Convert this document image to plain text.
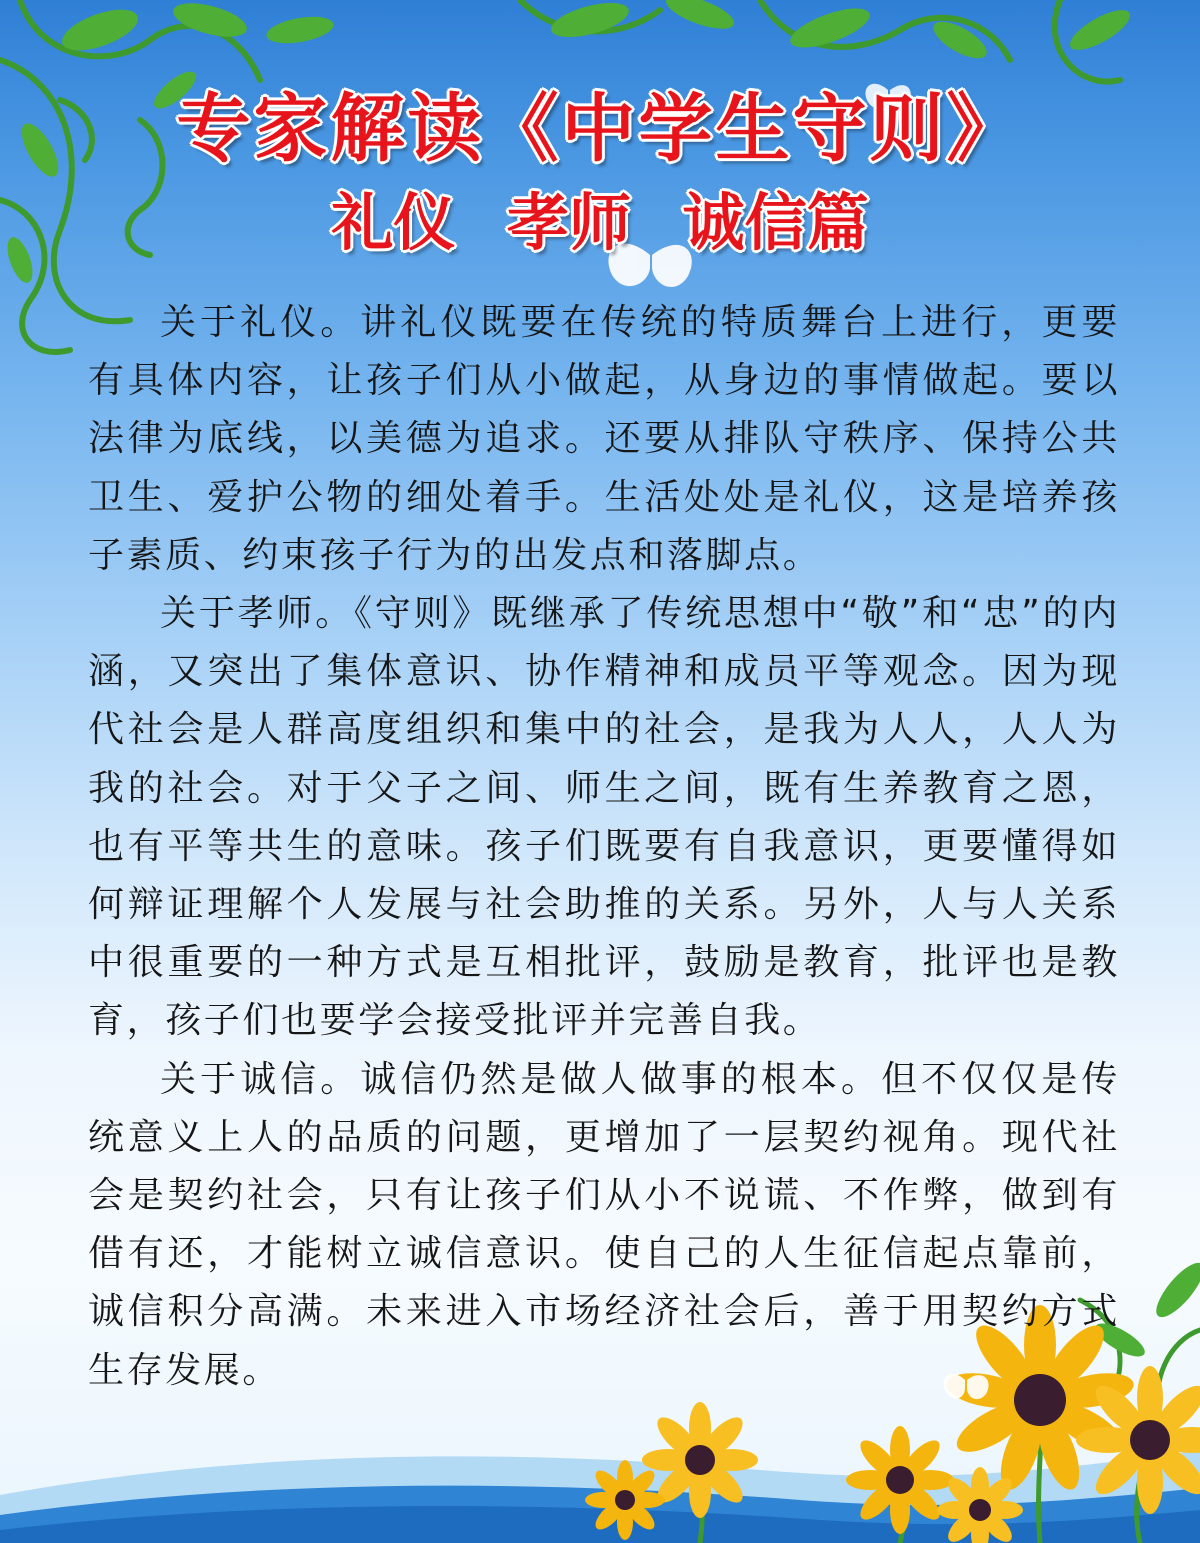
专家解读《中学生守则》
礼仪 孝师 诚信篇

关于礼仪。讲礼仪既要在传统的特质舞台上进行，更要有具体内容，让孩子们从小做起，从身边的事情做起。要以法律为底线，以美德为追求。还要从排队守秩序、保持公共卫生、爱护公物的细处着手。生活处处是礼仪，这是培养孩子素质、约束孩子行为的出发点和落脚点。

关于孝师。《守则》既继承了传统思想中“敬”和“忠”的内涵，又突出了集体意识、协作精神和成员平等观念。因为现代社会是人群高度组织和集中的社会，是我为人人，人人为我的社会。对于父子之间、师生之间，既有生养教育之恩，也有平等共生的意味。孩子们既要有自我意识，更要懂得如何辩证理解个人发展与社会助推的关系。另外，人与人关系中很重要的一种方式是互相批评，鼓励是教育，批评也是教育，孩子们也要学会接受批评并完善自我。

关于诚信。诚信仍然是做人做事的根本。但不仅仅是传统意义上人的品质的问题，更增加了一层契约视角。现代社会是契约社会，只有让孩子们从小不说谎、不作弊，做到有借有还，才能树立诚信意识。使自己的人生征信起点靠前，诚信积分高满。未来进入市场经济社会后，善于用契约方式生存发展。
